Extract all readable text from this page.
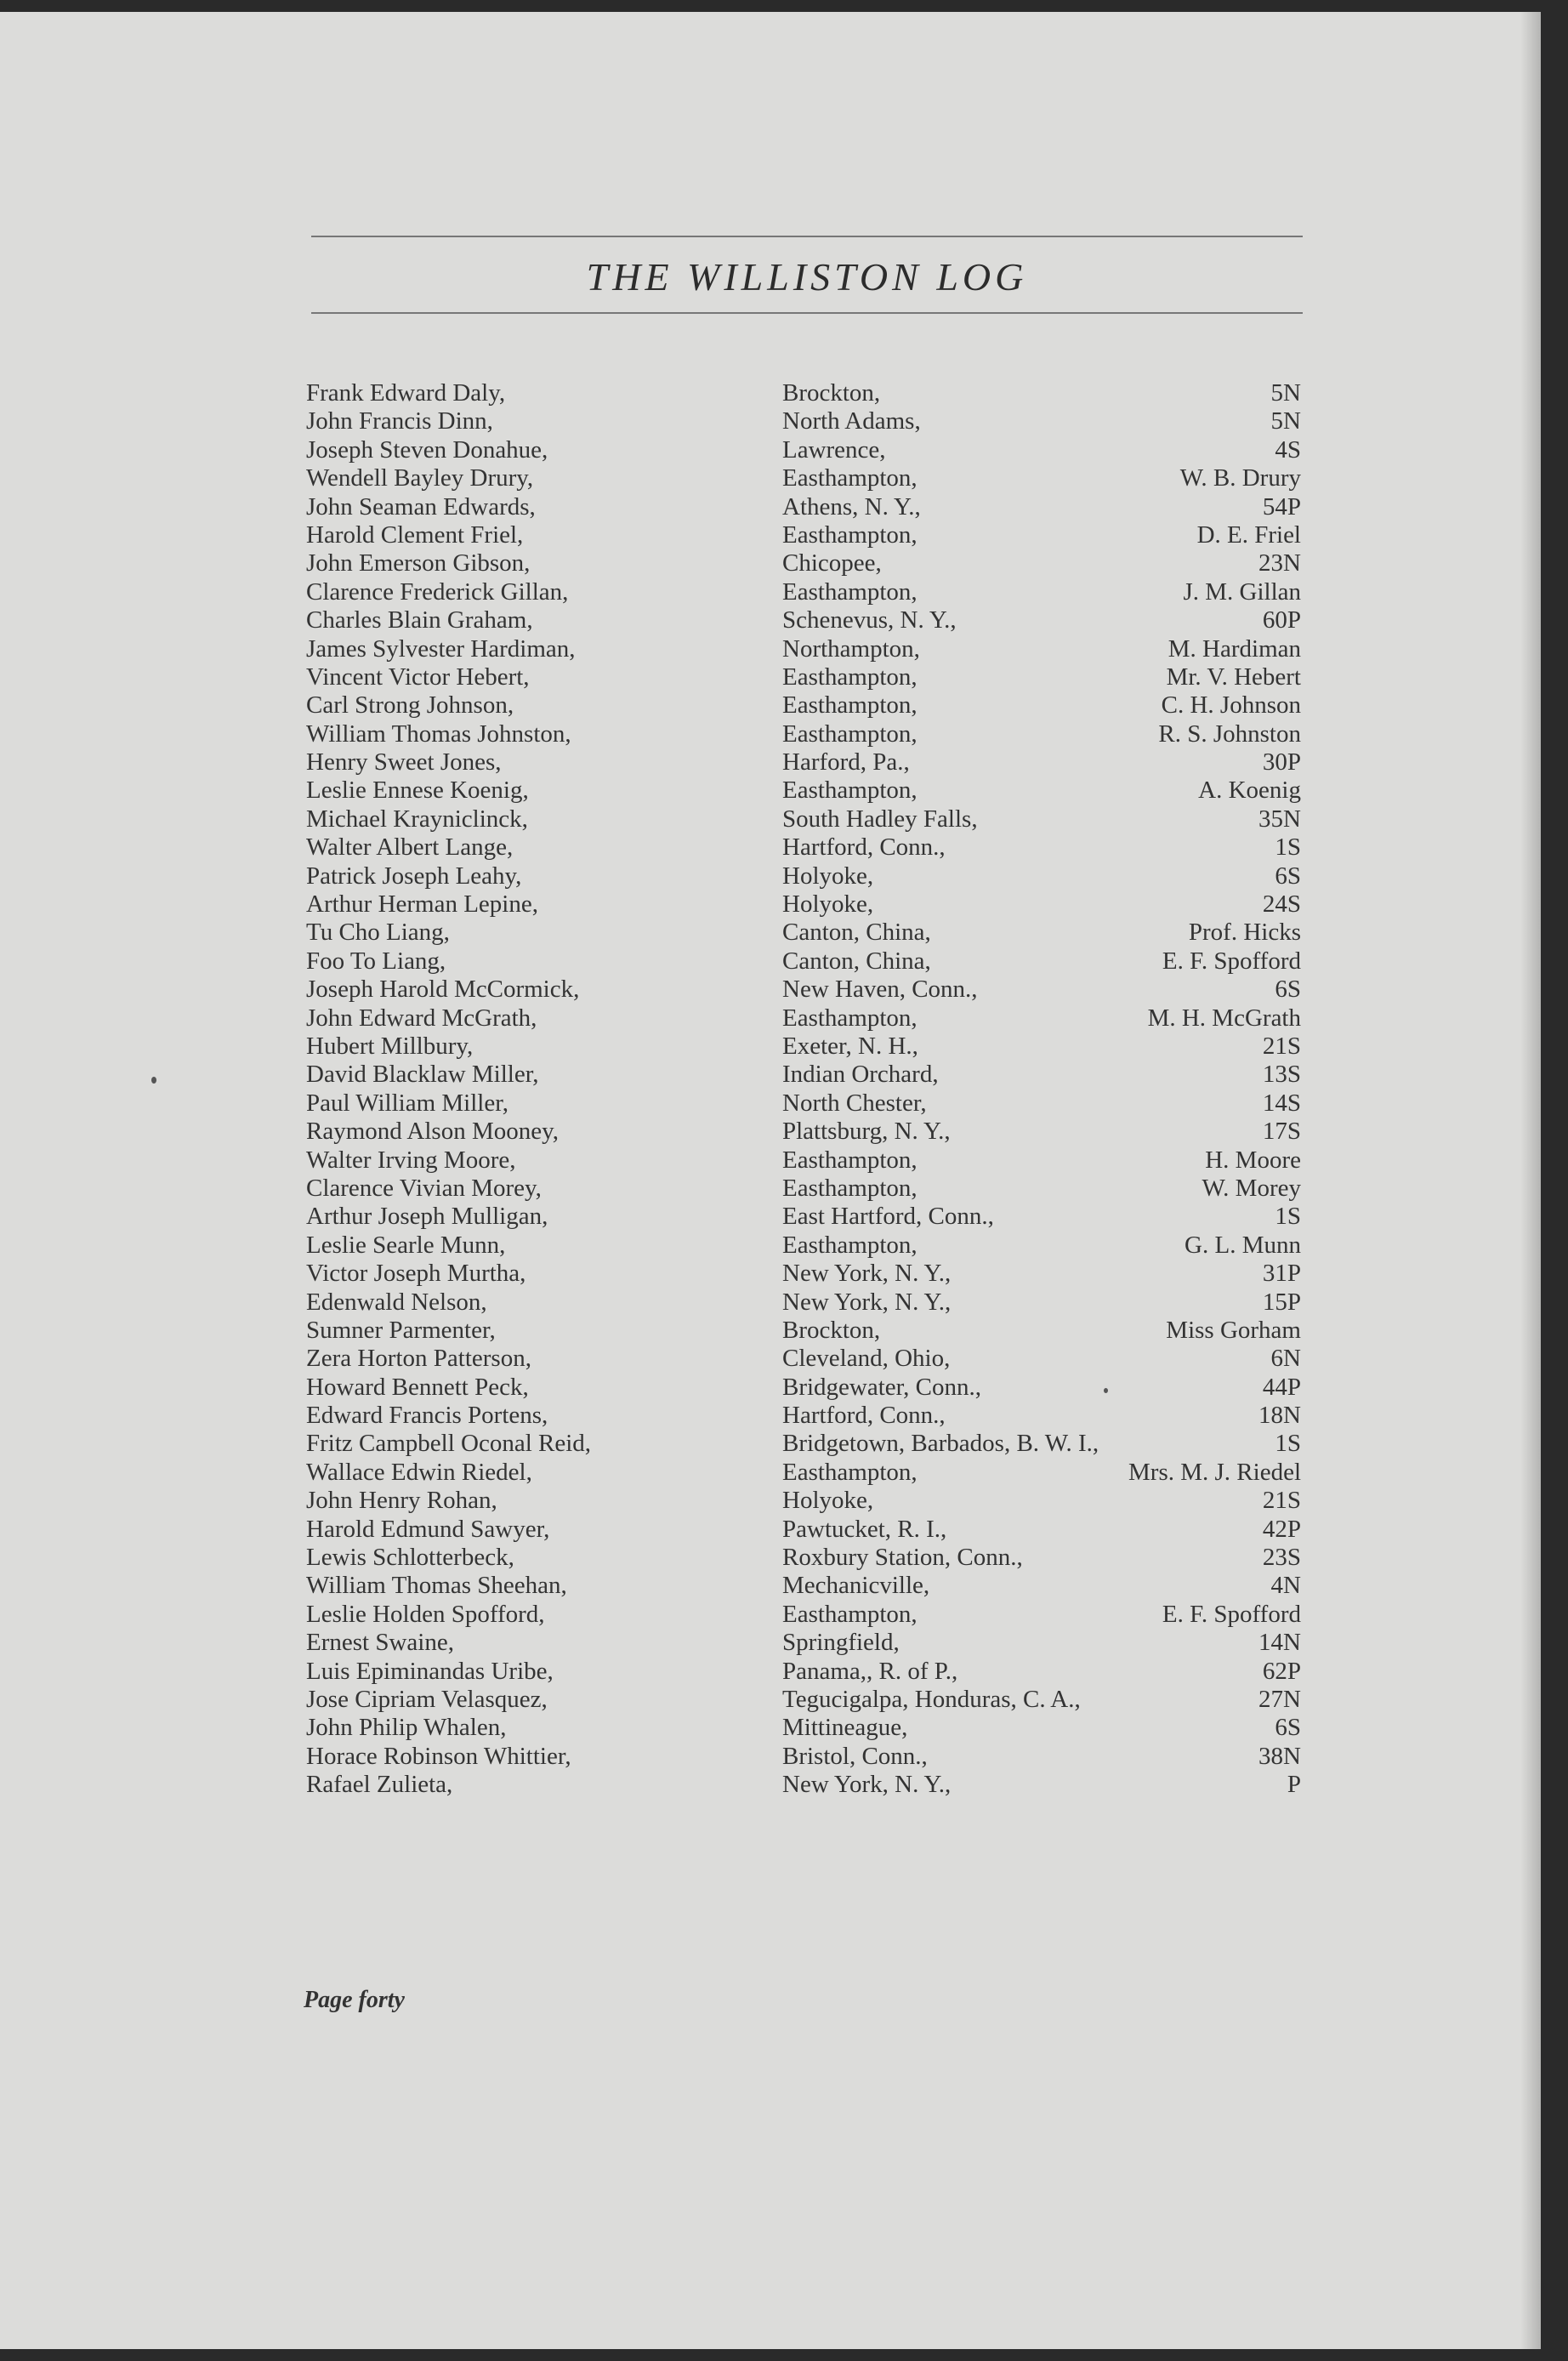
THE WILLISTON LOG
Frank Edward Daly,	Brockton,	5N
John Francis Dinn,	North Adams,	5N
Joseph Steven Donahue,	Lawrence,	4S
Wendell Bayley Drury,	Easthampton,	W. B. Drury
John Seaman Edwards,	Athens, N. Y.,	54P
Harold Clement Friel,	Easthampton,	D. E. Friel
John Emerson Gibson,	Chicopee,	23N
Clarence Frederick Gillan,	Easthampton,	J. M. Gillan
Charles Blain Graham,	Schenevus, N. Y.,	60P
James Sylvester Hardiman,	Northampton,	M. Hardiman
Vincent Victor Hebert,	Easthampton,	Mr. V. Hebert
Carl Strong Johnson,	Easthampton,	C. H. Johnson
William Thomas Johnston,	Easthampton,	R. S. Johnston
Henry Sweet Jones,	Harford, Pa.,	30P
Leslie Ennese Koenig,	Easthampton,	A. Koenig
Michael Krayniclinck,	South Hadley Falls,	35N
Walter Albert Lange,	Hartford, Conn.,	1S
Patrick Joseph Leahy,	Holyoke,	6S
Arthur Herman Lepine,	Holyoke,	24S
Tu Cho Liang,	Canton, China,	Prof. Hicks
Foo To Liang,	Canton, China,	E. F. Spofford
Joseph Harold McCormick,	New Haven, Conn.,	6S
John Edward McGrath,	Easthampton,	M. H. McGrath
Hubert Millbury,	Exeter, N. H.,	21S
David Blacklaw Miller,	Indian Orchard,	13S
Paul William Miller,	North Chester,	14S
Raymond Alson Mooney,	Plattsburg, N. Y.,	17S
Walter Irving Moore,	Easthampton,	H. Moore
Clarence Vivian Morey,	Easthampton,	W. Morey
Arthur Joseph Mulligan,	East Hartford, Conn.,	1S
Leslie Searle Munn,	Easthampton,	G. L. Munn
Victor Joseph Murtha,	New York, N. Y.,	31P
Edenwald Nelson,	New York, N. Y.,	15P
Sumner Parmenter,	Brockton,	Miss Gorham
Zera Horton Patterson,	Cleveland, Ohio,	6N
Howard Bennett Peck,	Bridgewater, Conn.,	44P
Edward Francis Portens,	Hartford, Conn.,	18N
Fritz Campbell Oconal Reid,	Bridgetown, Barbados, B. W. I.,	1S
Wallace Edwin Riedel,	Easthampton,	Mrs. M. J. Riedel
John Henry Rohan,	Holyoke,	21S
Harold Edmund Sawyer,	Pawtucket, R. I.,	42P
Lewis Schlotterbeck,	Roxbury Station, Conn.,	23S
William Thomas Sheehan,	Mechanicville,	4N
Leslie Holden Spofford,	Easthampton,	E. F. Spofford
Ernest Swaine,	Springfield,	14N
Luis Epiminandas Uribe,	Panama,, R. of P.,	62P
Jose Cipriam Velasquez,	Tegucigalpa, Honduras, C. A.,	27N
John Philip Whalen,	Mittineague,	6S
Horace Robinson Whittier,	Bristol, Conn.,	38N
Rafael Zulieta,	New York, N. Y.,	P
Page forty
